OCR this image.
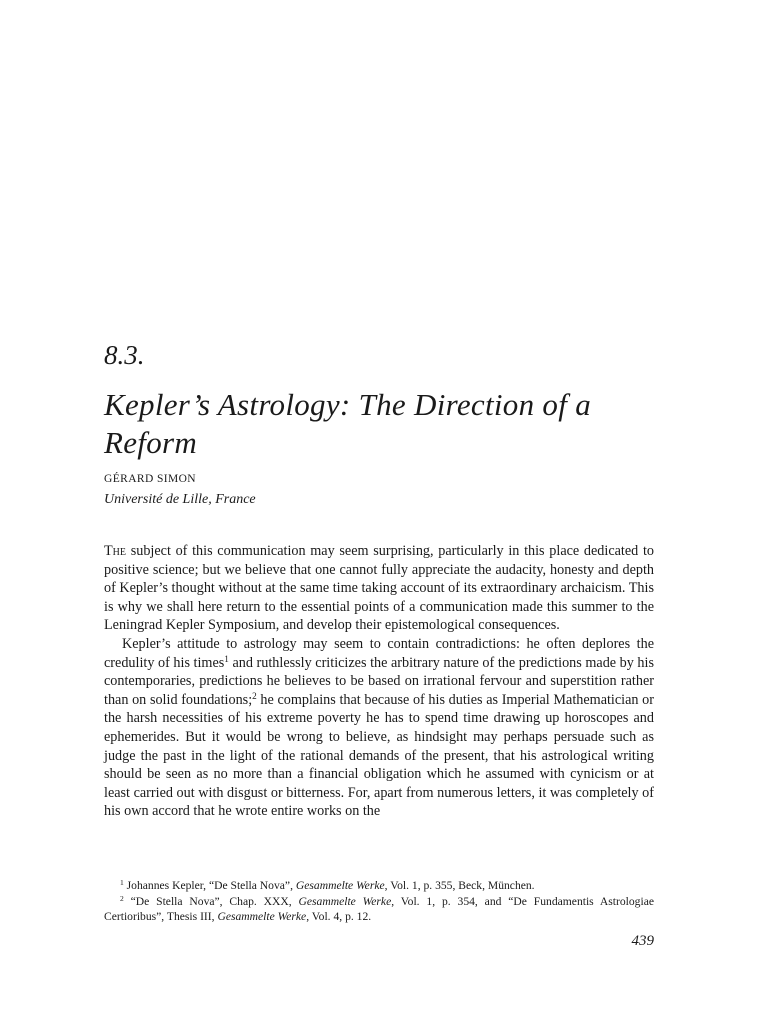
8.3.
Kepler’s Astrology: The Direction of a Reform

GÉRARD SIMON

Université de Lille, France

The subject of this communication may seem surprising, particularly in this place dedicated to positive science; but we believe that one cannot fully appreciate the audacity, honesty and depth of Kepler’s thought without at the same time taking account of its extraordinary archaicism. This is why we shall here return to the essential points of a communication made this summer to the Leningrad Kepler Symposium, and develop their epistemological consequences.

Kepler’s attitude to astrology may seem to contain contradictions: he often deplores the credulity of his times$^1$ and ruthlessly criticizes the arbitrary nature of the predictions made by his contemporaries, predictions he believes to be based on irrational fervour and superstition rather than on solid foundations;$^2$ he complains that because of his duties as Imperial Mathematician or the harsh necessities of his extreme poverty he has to spend time drawing up horoscopes and ephemerides. But it would be wrong to believe, as hindsight may perhaps persuade such as judge the past in the light of the rational demands of the present, that his astrological writing should be seen as no more than a financial obligation which he assumed with cynicism or at least carried out with disgust or bitterness. For, apart from numerous letters, it was completely of his own accord that he wrote entire works on the

$^1$ Johannes Kepler, “De Stella Nova”, Gesammelte Werke, Vol. 1, p. 355, Beck, München.

$^2$ “De Stella Nova”, Chap. XXX, Gesammelte Werke, Vol. 1, p. 354, and “De Fundamentis Astrologiae Certioribus”, Thesis III, Gesammelte Werke, Vol. 4, p. 12.

439
